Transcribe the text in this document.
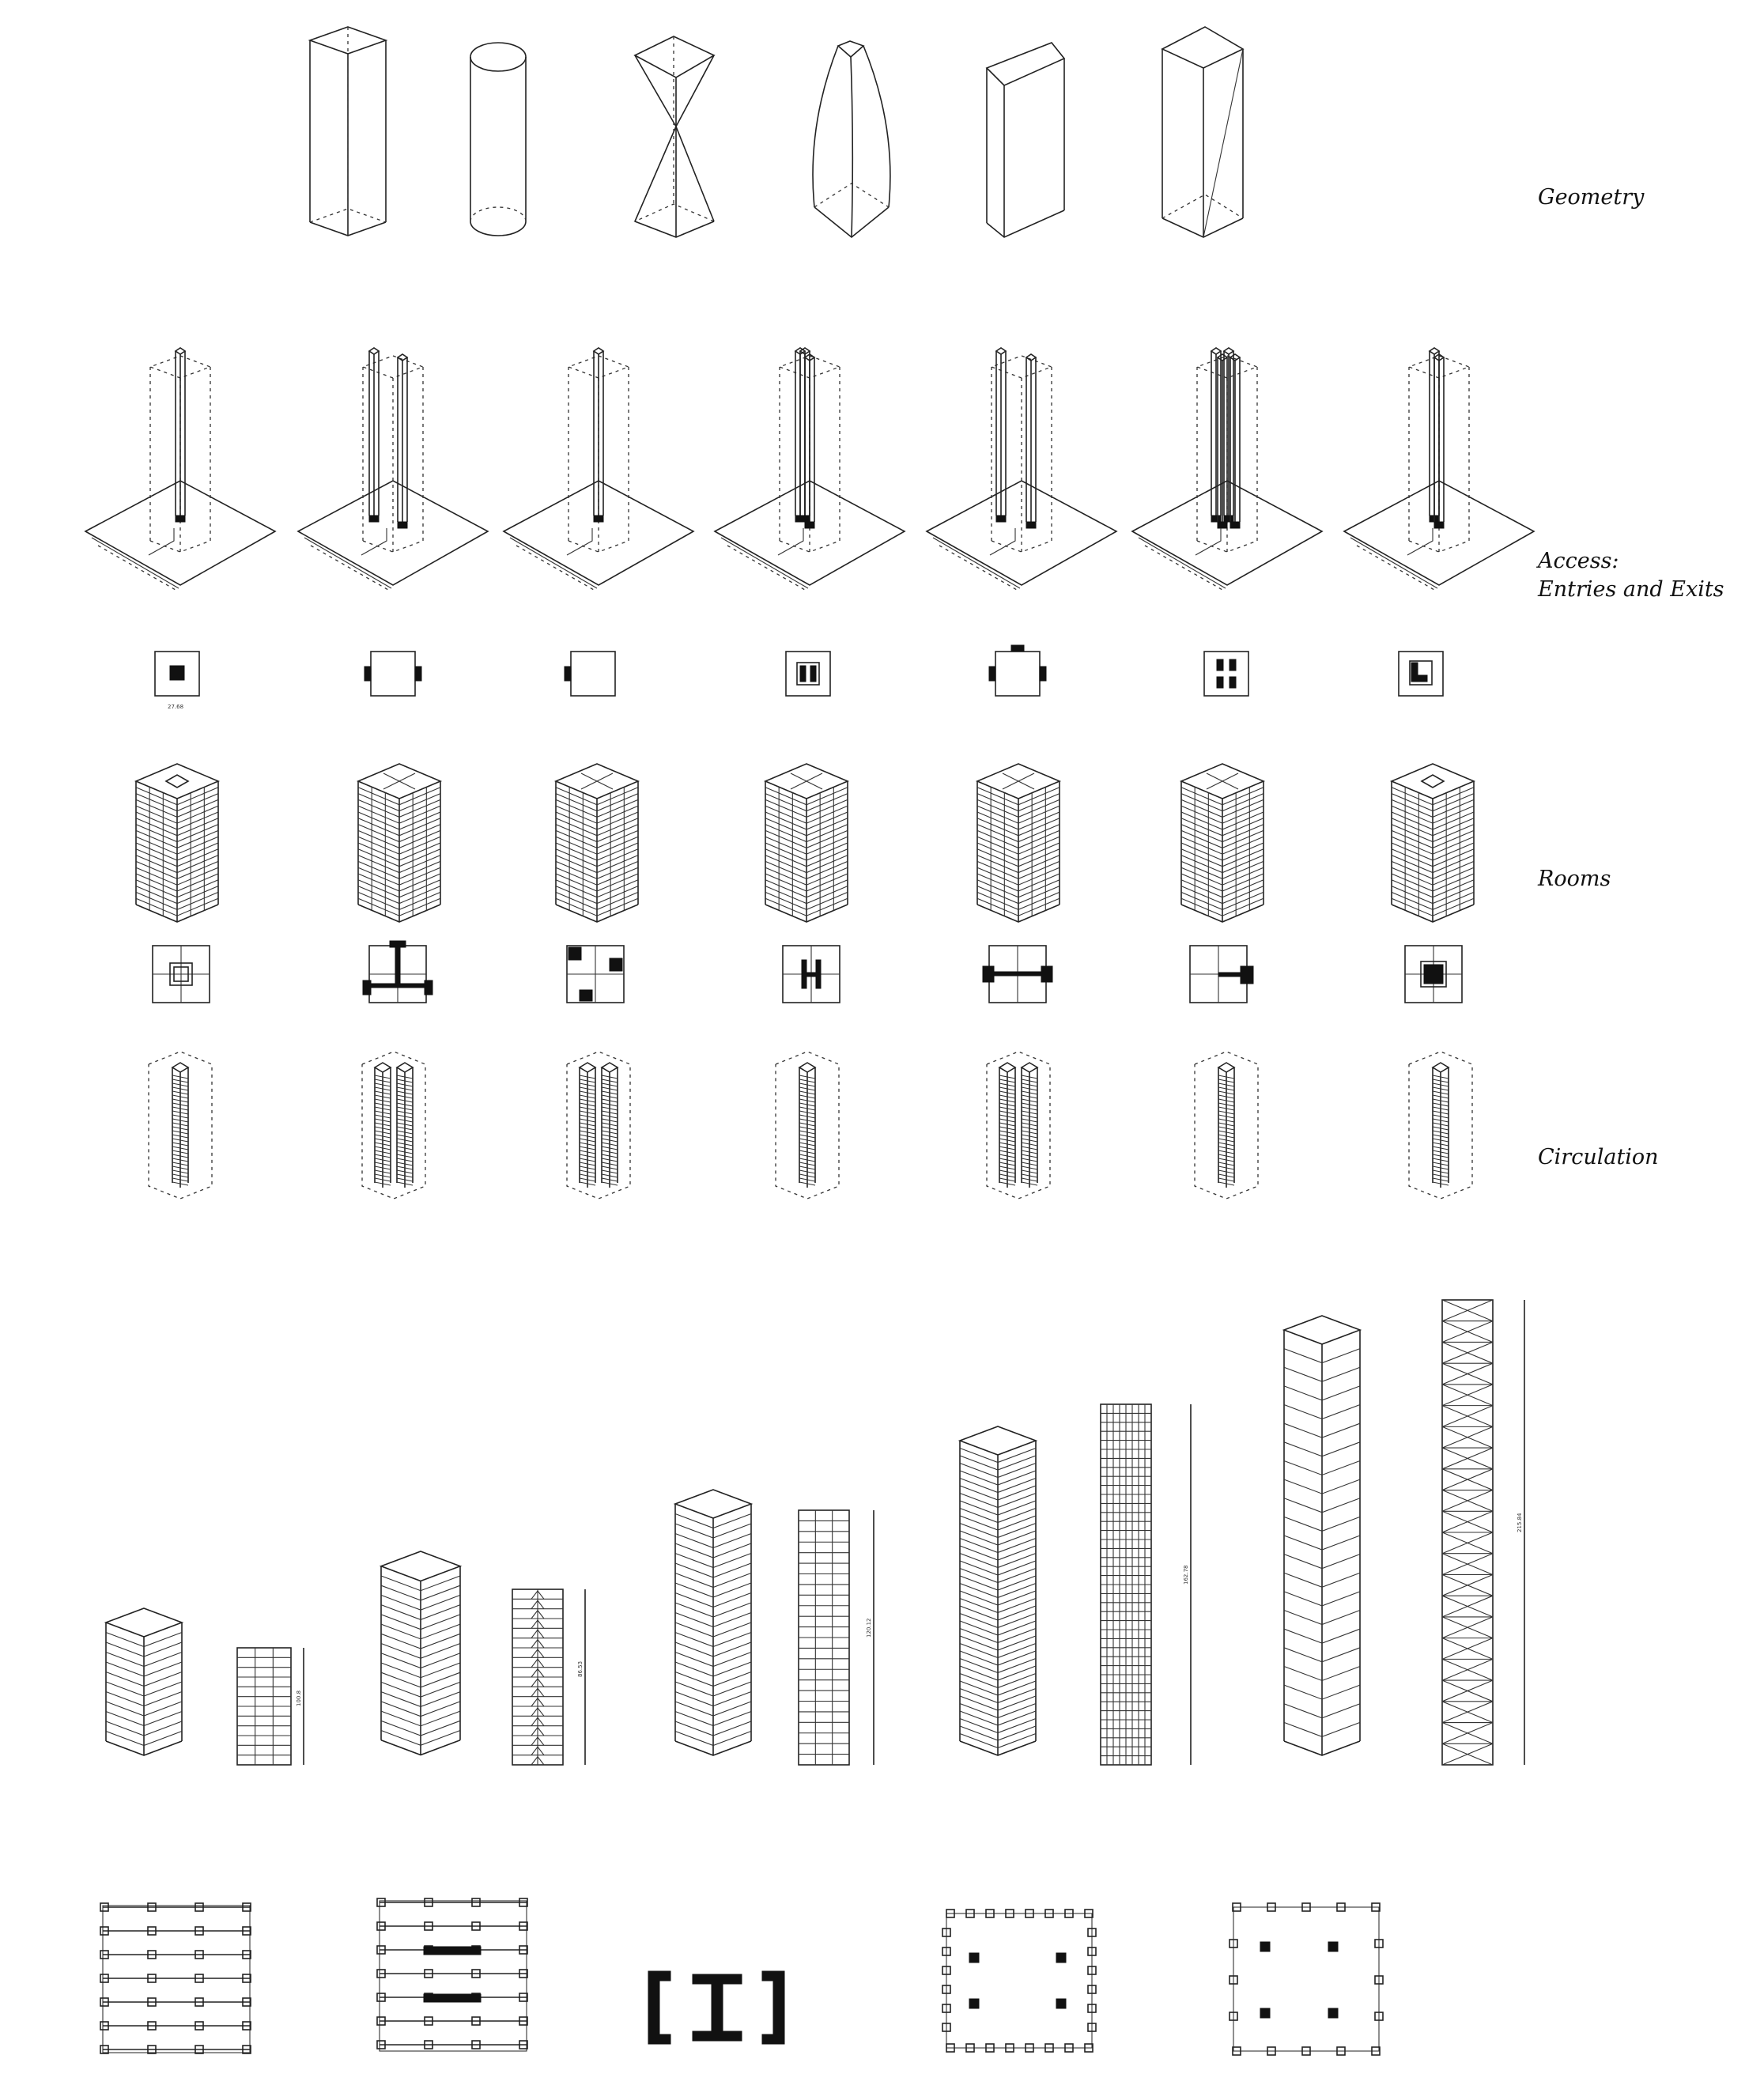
Geometry
Access:
Entries and Exits
Rooms
Circulation
27.68
100.8
86.53
120.12
162.78
215.84
